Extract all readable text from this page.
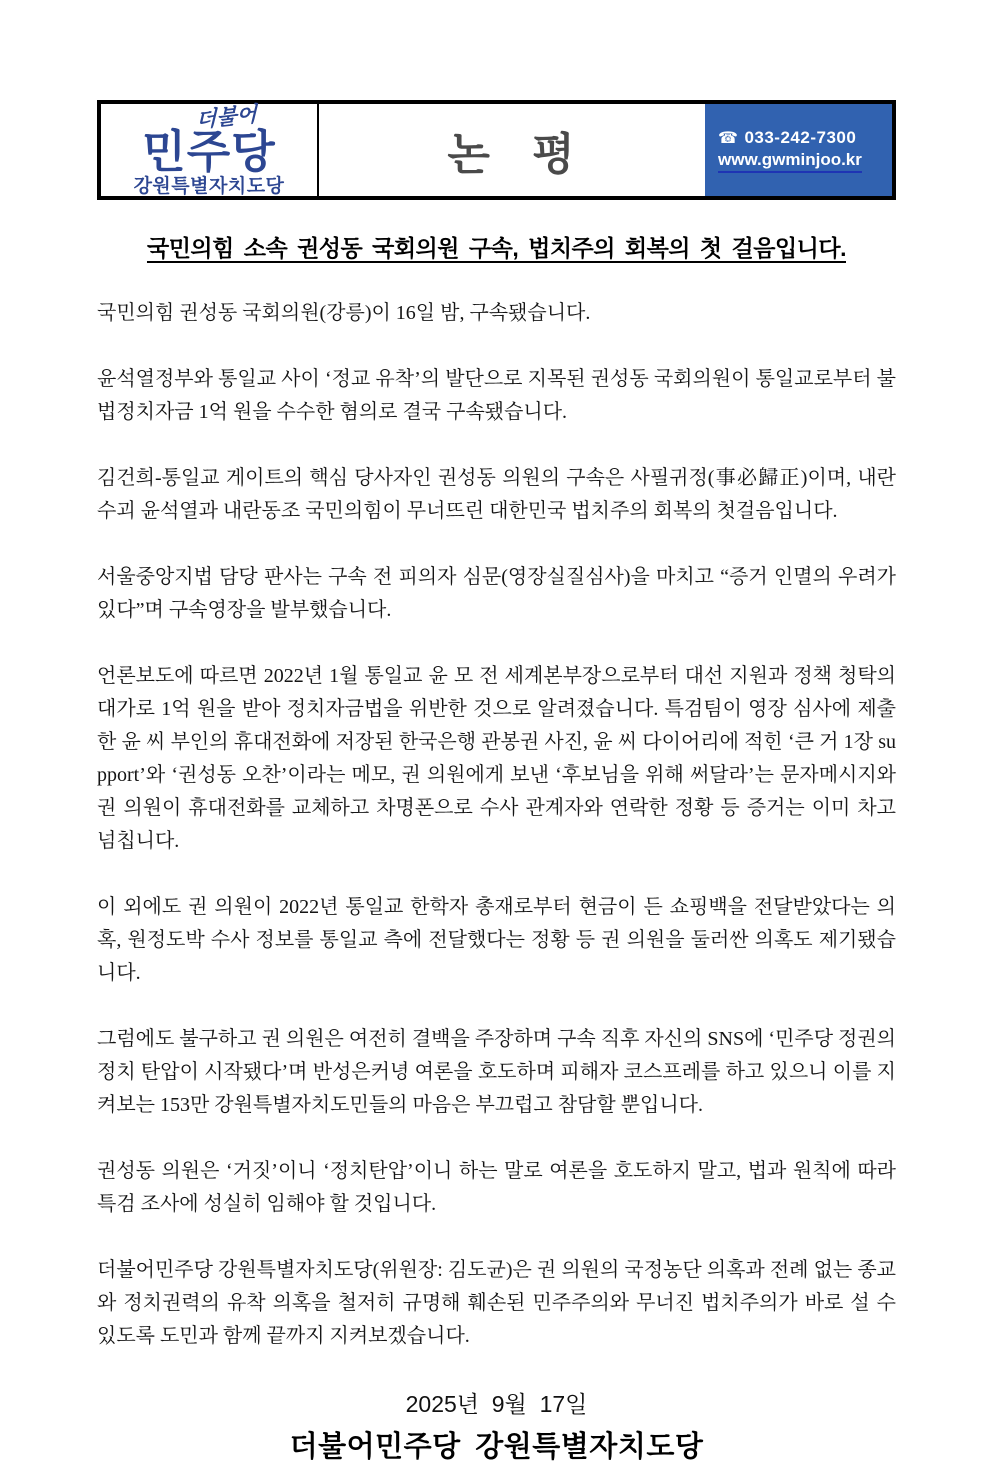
더불어
민주당
강원특별자치도당
논 평	☎ 033-242-7300
www.gwminjoo.kr
국민의힘 소속 권성동 국회의원 구속, 법치주의 회복의 첫 걸음입니다.

국민의힘 권성동 국회의원(강릉)이 16일 밤, 구속됐습니다.

윤석열정부와 통일교 사이 ‘정교 유착’의 발단으로 지목된 권성동 국회의원이 통일교로부터 불법정치자금 1억 원을 수수한 혐의로 결국 구속됐습니다.

김건희-통일교 게이트의 핵심 당사자인 권성동 의원의 구속은 사필귀정(事必歸正)이며, 내란수괴 윤석열과 내란동조 국민의힘이 무너뜨린 대한민국 법치주의 회복의 첫걸음입니다.

서울중앙지법 담당 판사는 구속 전 피의자 심문(영장실질심사)을 마치고 “증거 인멸의 우려가 있다”며 구속영장을 발부했습니다.

언론보도에 따르면 2022년 1월 통일교 윤 모 전 세계본부장으로부터 대선 지원과 정책 청탁의 대가로 1억 원을 받아 정치자금법을 위반한 것으로 알려졌습니다. 특검팀이 영장 심사에 제출한 윤 씨 부인의 휴대전화에 저장된 한국은행 관봉권 사진, 윤 씨 다이어리에 적힌 ‘큰 거 1장 support’와 ‘권성동 오찬’이라는 메모, 권 의원에게 보낸 ‘후보님을 위해 써달라’는 문자메시지와 권 의원이 휴대전화를 교체하고 차명폰으로 수사 관계자와 연락한 정황 등 증거는 이미 차고 넘칩니다.

이 외에도 권 의원이 2022년 통일교 한학자 총재로부터 현금이 든 쇼핑백을 전달받았다는 의혹, 원정도박 수사 정보를 통일교 측에 전달했다는 정황 등 권 의원을 둘러싼 의혹도 제기됐습니다.

그럼에도 불구하고 권 의원은 여전히 결백을 주장하며 구속 직후 자신의 SNS에 ‘민주당 정권의 정치 탄압이 시작됐다’며 반성은커녕 여론을 호도하며 피해자 코스프레를 하고 있으니 이를 지켜보는 153만 강원특별자치도민들의 마음은 부끄럽고 참담할 뿐입니다.

권성동 의원은 ‘거짓’이니 ‘정치탄압’이니 하는 말로 여론을 호도하지 말고, 법과 원칙에 따라 특검 조사에 성실히 임해야 할 것입니다.

더불어민주당 강원특별자치도당(위원장: 김도균)은 권 의원의 국정농단 의혹과 전례 없는 종교와 정치권력의 유착 의혹을 철저히 규명해 훼손된 민주주의와 무너진 법치주의가 바로 설 수 있도록 도민과 함께 끝까지 지켜보겠습니다.

2025년  9월  17일
더불어민주당 강원특별자치도당
